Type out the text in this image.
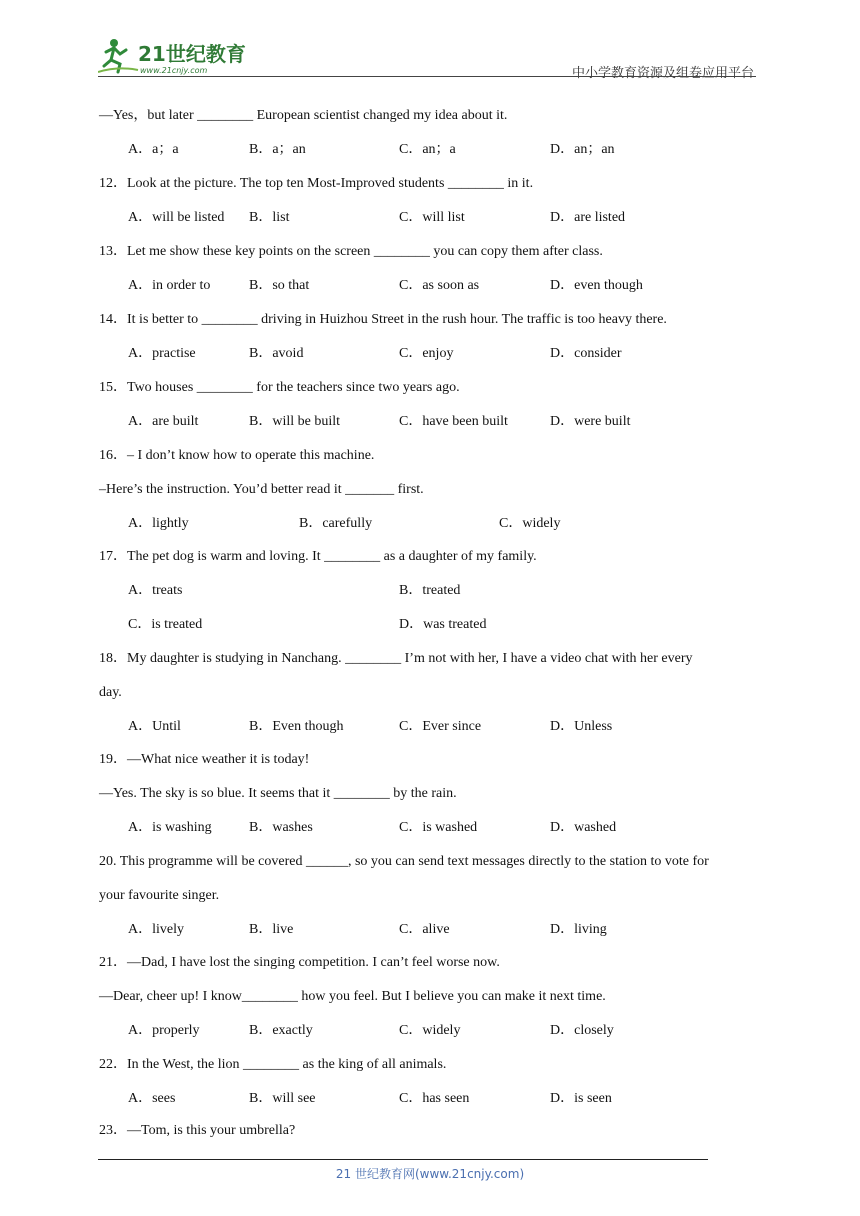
21世纪教育
www.21cnjy.com	中小学教育资源及组卷应用平台
—Yes，but later ________ European scientist changed my idea about it.
A．a；a	B．a；an	C．an；a	D．an；an
12．Look at the picture. The top ten Most-Improved students ________ in it.
A．will be listed B．list	C．will list	D．are listed
13．Let me show these key points on the screen ________ you can copy them after class.
A．in order to	B．so that	C．as soon as	D．even though
14．It is better to ________ driving in Huizhou Street in the rush hour. The traffic is too heavy there.
A．practise	B．avoid	C．enjoy	D．consider
15．Two houses ________ for the teachers since two years ago.
A．are built	B．will be built	C．have been built	D．were built
16．– I don’t know how to operate this machine.
–Here’s the instruction. You’d better read it _______ first.
A．lightly	B．carefully	C．widely
17．The pet dog is warm and loving. It ________ as a daughter of my family.
A．treats	B．treated
C．is treated	D．was treated
18．My daughter is studying in Nanchang. ________ I’m not with her, I have a video chat with her every
day.
A．Until	B．Even though	C．Ever since	D．Unless
19．—What nice weather it is today!
—Yes. The sky is so blue. It seems that it ________ by the rain.
A．is washing	B．washes	C．is washed	D．washed
20. This programme will be covered ______, so you can send text messages directly to the station to vote for
your favourite singer.
A．lively	B．live	C．alive	D．living
21．—Dad, I have lost the singing competition. I can’t feel worse now.
—Dear, cheer up! I know________ how you feel. But I believe you can make it next time.
A．properly	B．exactly	C．widely	D．closely
22．In the West, the lion ________ as the king of all animals.
A．sees	B．will see	C．has seen	D．is seen
23．—Tom, is this your umbrella?
21 世纪教育网(www.21cnjy.com)
